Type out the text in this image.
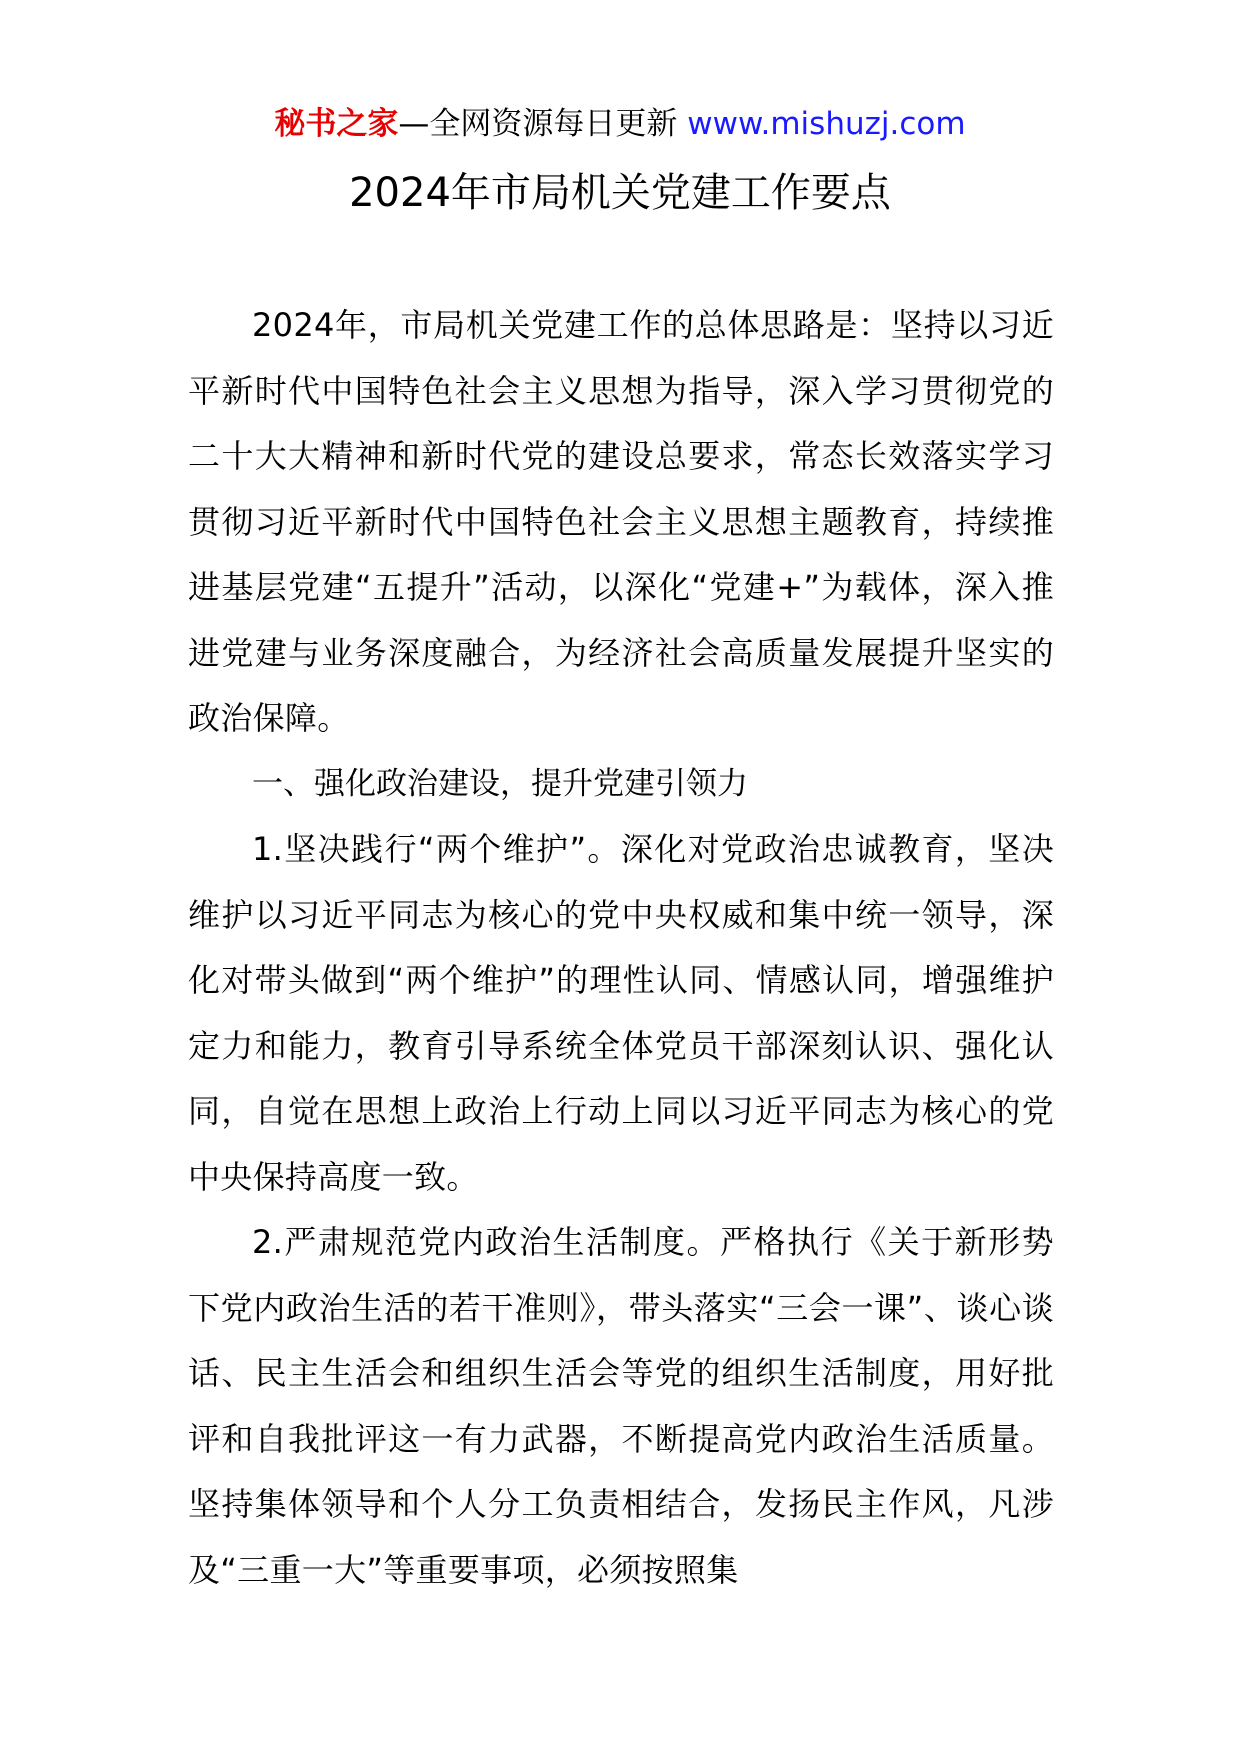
秘书之家—全网资源每日更新 www.mishuzj.com
2024年市局机关党建工作要点

2024年，市局机关党建工作的总体思路是：坚持以习近平新时代中国特色社会主义思想为指导，深入学习贯彻党的二十大大精神和新时代党的建设总要求，常态长效落实学习贯彻习近平新时代中国特色社会主义思想主题教育，持续推进基层党建“五提升”活动，以深化“党建+”为载体，深入推进党建与业务深度融合，为经济社会高质量发展提升坚实的政治保障。

一、强化政治建设，提升党建引领力

1.坚决践行“两个维护”。深化对党政治忠诚教育，坚决维护以习近平同志为核心的党中央权威和集中统一领导，深化对带头做到“两个维护”的理性认同、情感认同，增强维护定力和能力，教育引导系统全体党员干部深刻认识、强化认同，自觉在思想上政治上行动上同以习近平同志为核心的党中央保持高度一致。

2.严肃规范党内政治生活制度。严格执行《关于新形势下党内政治生活的若干准则》，带头落实“三会一课”、谈心谈话、民主生活会和组织生活会等党的组织生活制度，用好批评和自我批评这一有力武器，不断提高党内政治生活质量。坚持集体领导和个人分工负责相结合，发扬民主作风，凡涉及“三重一大”等重要事项，必须按照集
